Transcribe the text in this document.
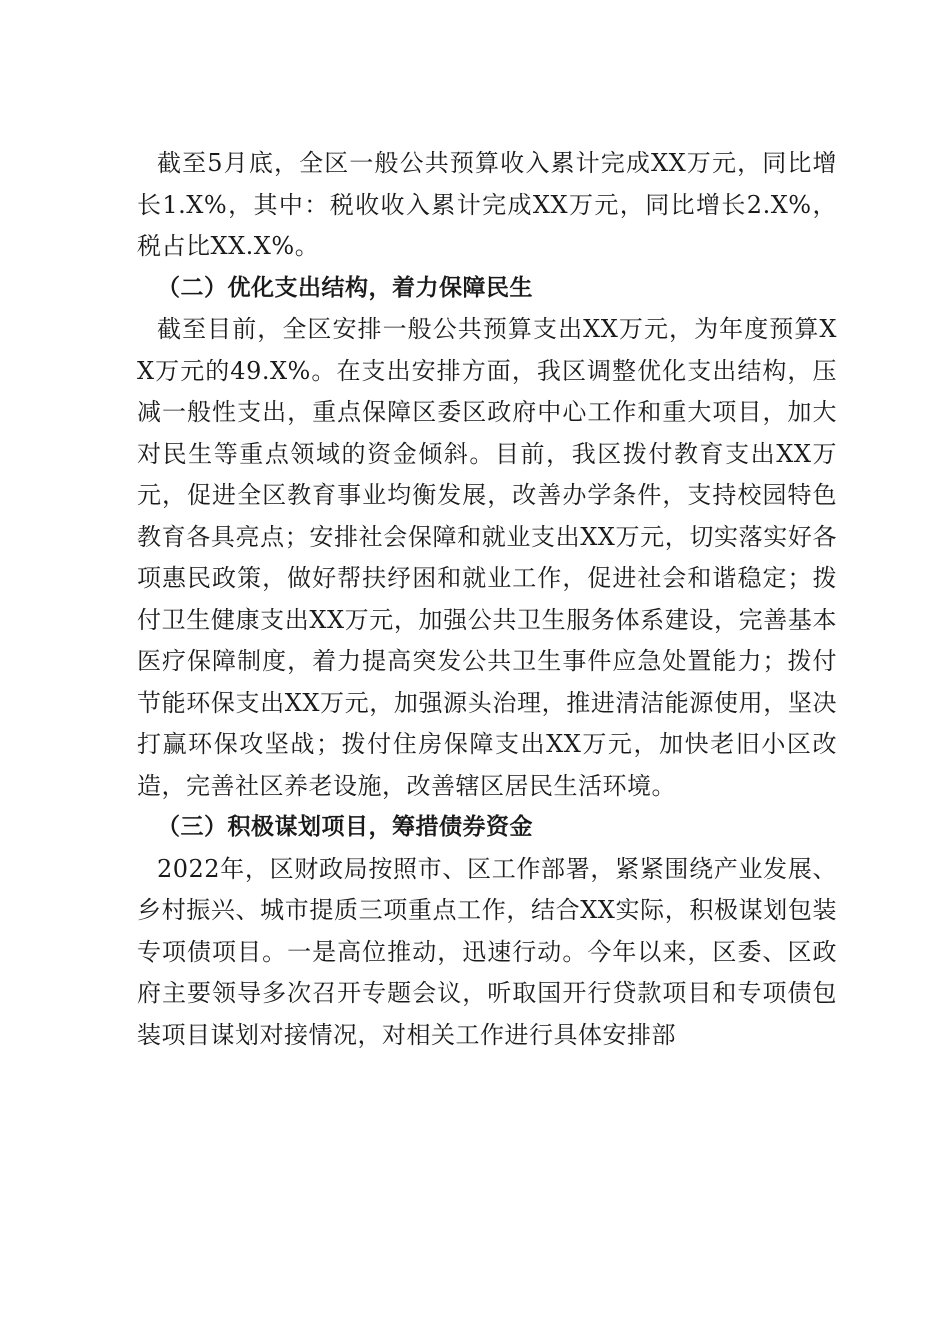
截至5月底，全区一般公共预算收入累计完成XX万元，同比增长1.X%，其中：税收收入累计完成XX万元，同比增长2.X%，税占比XX.X%。

（二）优化支出结构，着力保障民生

截至目前，全区安排一般公共预算支出XX万元，为年度预算XX万元的49.X%。在支出安排方面，我区调整优化支出结构，压减一般性支出，重点保障区委区政府中心工作和重大项目，加大对民生等重点领域的资金倾斜。目前，我区拨付教育支出XX万元，促进全区教育事业均衡发展，改善办学条件，支持校园特色教育各具亮点；安排社会保障和就业支出XX万元，切实落实好各项惠民政策，做好帮扶纾困和就业工作，促进社会和谐稳定；拨付卫生健康支出XX万元，加强公共卫生服务体系建设，完善基本医疗保障制度，着力提高突发公共卫生事件应急处置能力；拨付节能环保支出XX万元，加强源头治理，推进清洁能源使用，坚决打赢环保攻坚战；拨付住房保障支出XX万元，加快老旧小区改造，完善社区养老设施，改善辖区居民生活环境。

（三）积极谋划项目，筹措债券资金

2022年，区财政局按照市、区工作部署，紧紧围绕产业发展、乡村振兴、城市提质三项重点工作，结合XX实际，积极谋划包装专项债项目。一是高位推动，迅速行动。今年以来，区委、区政府主要领导多次召开专题会议，听取国开行贷款项目和专项债包装项目谋划对接情况，对相关工作进行具体安排部
